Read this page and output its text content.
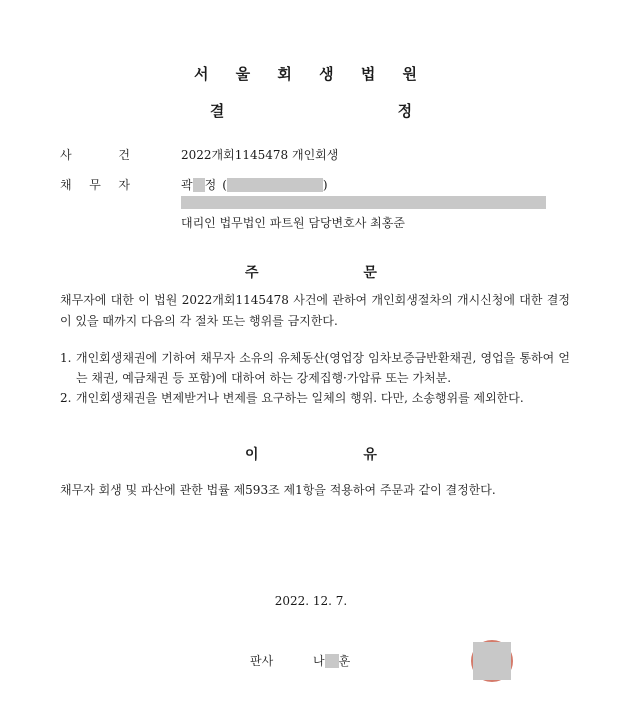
서 울 회 생 법 원
결 정
사	건	2022개회1145478 개인회생
채 무 자	곽 정 (	)
대리인 법무법인 파트원 담당변호사 최홍준
주 문
채무자에 대한 이 법원 2022개회1145478 사건에 관하여 개인회생절차의 개시신청에 대한 결정이 있을 때까지 다음의 각 절차 또는 행위를 금지한다.
1. 개인회생채권에 기하여 채무자 소유의 유체동산(영업장 임차보증금반환채권, 영업을 통하여 얻는 채권, 예금채권 등 포함)에 대하여 하는 강제집행·가압류 또는 가처분.
2. 개인회생채권을 변제받거나 변제를 요구하는 일체의 행위. 다만, 소송행위를 제외한다.
이 유
채무자 회생 및 파산에 관한 법률 제593조 제1항을 적용하여 주문과 같이 결정한다.
2022. 12. 7.
판사	나 훈
